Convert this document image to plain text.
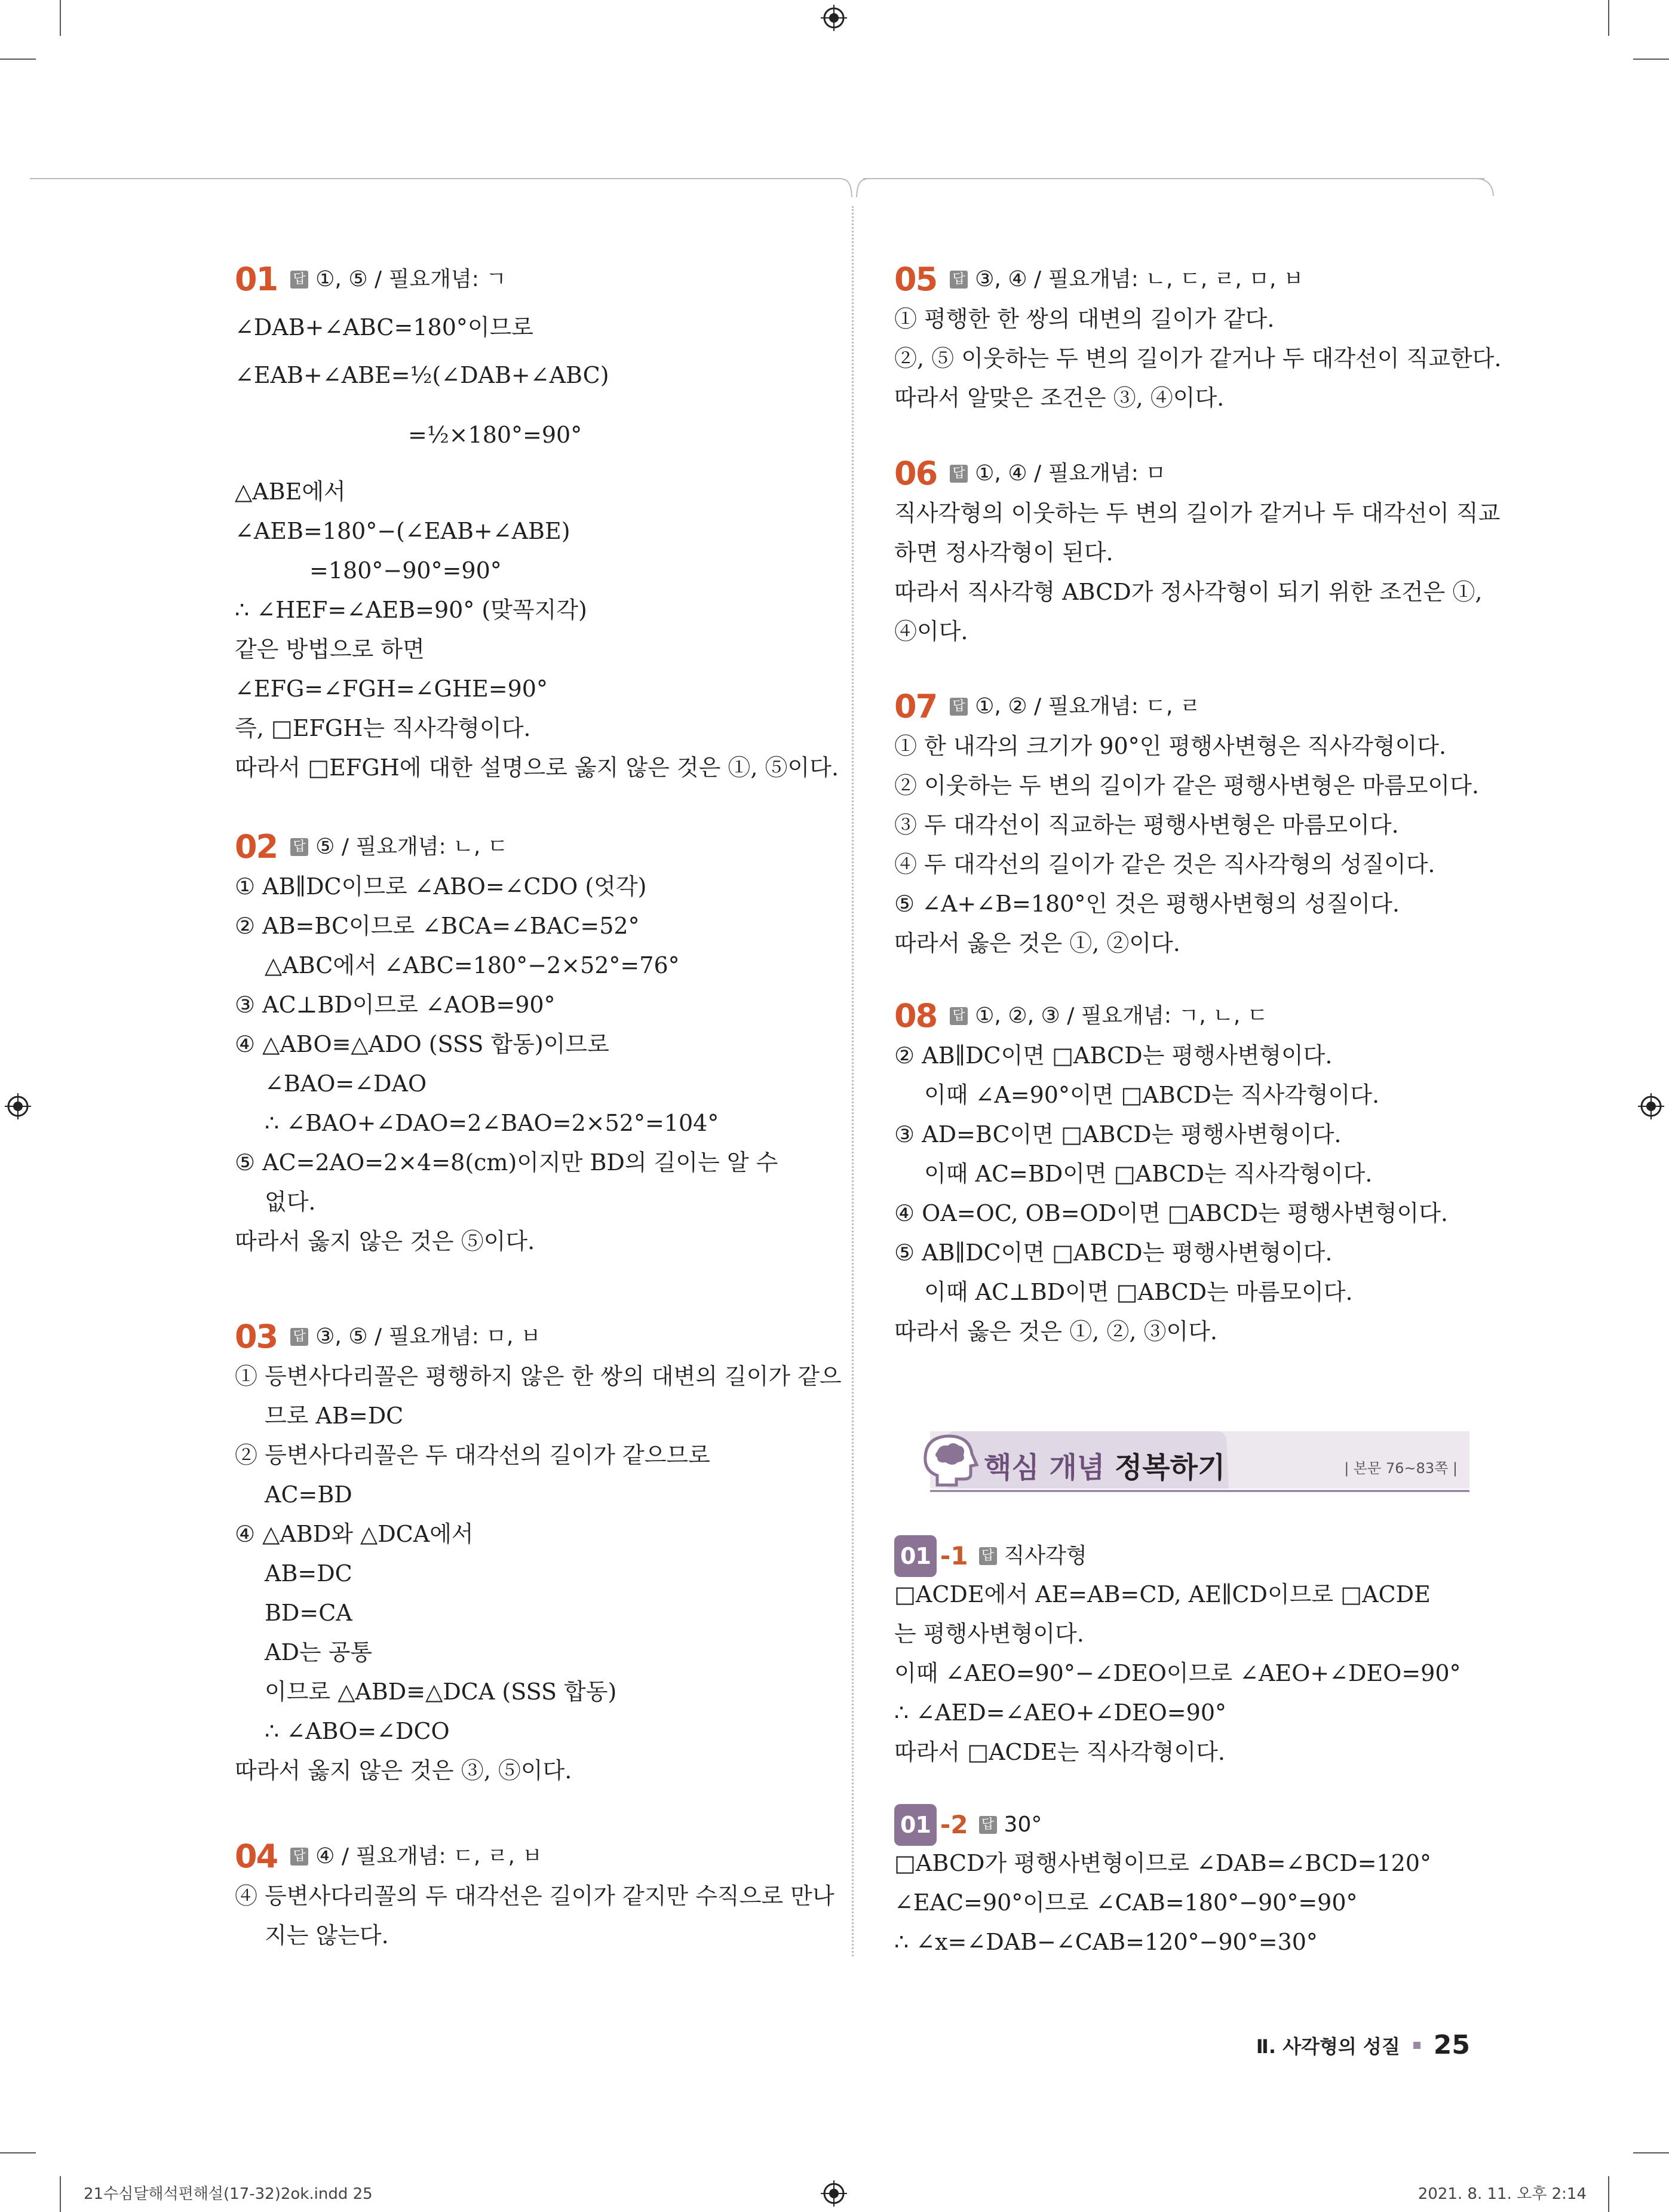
01 답 ①, ⑤ / 필요개념: ㄱ
∠DAB+∠ABC=180°이므로
∠EAB+∠ABE=½(∠DAB+∠ABC)
=½×180°=90°
△ABE에서
∠AEB=180°−(∠EAB+∠ABE)
=180°−90°=90°
∴ ∠HEF=∠AEB=90° (맞꼭지각)
같은 방법으로 하면
∠EFG=∠FGH=∠GHE=90°
즉, □EFGH는 직사각형이다.
따라서 □EFGH에 대한 설명으로 옳지 않은 것은 ①, ⑤이다.
02 답 ⑤ / 필요개념: ㄴ, ㄷ
① AB∥DC이므로 ∠ABO=∠CDO (엇각)
② AB=BC이므로 ∠BCA=∠BAC=52°
△ABC에서 ∠ABC=180°−2×52°=76°
③ AC⊥BD이므로 ∠AOB=90°
④ △ABO≡△ADO (SSS 합동)이므로
∠BAO=∠DAO
∴ ∠BAO+∠DAO=2∠BAO=2×52°=104°
⑤ AC=2AO=2×4=8(cm)이지만 BD의 길이는 알 수
없다.
따라서 옳지 않은 것은 ⑤이다.
03 답 ③, ⑤ / 필요개념: ㅁ, ㅂ
① 등변사다리꼴은 평행하지 않은 한 쌍의 대변의 길이가 같으
므로 AB=DC
② 등변사다리꼴은 두 대각선의 길이가 같으므로
AC=BD
④ △ABD와 △DCA에서
AB=DC
BD=CA
AD는 공통
이므로 △ABD≡△DCA (SSS 합동)
∴ ∠ABO=∠DCO
따라서 옳지 않은 것은 ③, ⑤이다.
04 답 ④ / 필요개념: ㄷ, ㄹ, ㅂ
④ 등변사다리꼴의 두 대각선은 길이가 같지만 수직으로 만나
지는 않는다.
05 답 ③, ④ / 필요개념: ㄴ, ㄷ, ㄹ, ㅁ, ㅂ
① 평행한 한 쌍의 대변의 길이가 같다.
②, ⑤ 이웃하는 두 변의 길이가 같거나 두 대각선이 직교한다.
따라서 알맞은 조건은 ③, ④이다.
06 답 ①, ④ / 필요개념: ㅁ
직사각형의 이웃하는 두 변의 길이가 같거나 두 대각선이 직교
하면 정사각형이 된다.
따라서 직사각형 ABCD가 정사각형이 되기 위한 조건은 ①,
④이다.
07 답 ①, ② / 필요개념: ㄷ, ㄹ
① 한 내각의 크기가 90°인 평행사변형은 직사각형이다.
② 이웃하는 두 변의 길이가 같은 평행사변형은 마름모이다.
③ 두 대각선이 직교하는 평행사변형은 마름모이다.
④ 두 대각선의 길이가 같은 것은 직사각형의 성질이다.
⑤ ∠A+∠B=180°인 것은 평행사변형의 성질이다.
따라서 옳은 것은 ①, ②이다.
08 답 ①, ②, ③ / 필요개념: ㄱ, ㄴ, ㄷ
② AB∥DC이면 □ABCD는 평행사변형이다.
이때 ∠A=90°이면 □ABCD는 직사각형이다.
③ AD=BC이면 □ABCD는 평행사변형이다.
이때 AC=BD이면 □ABCD는 직사각형이다.
④ OA=OC, OB=OD이면 □ABCD는 평행사변형이다.
⑤ AB∥DC이면 □ABCD는 평행사변형이다.
이때 AC⊥BD이면 □ABCD는 마름모이다.
따라서 옳은 것은 ①, ②, ③이다.
핵심 개념 정복하기	| 본문 76~83쪽 |
01 -1 답 직사각형
□ACDE에서 AE=AB=CD, AE∥CD이므로 □ACDE
는 평행사변형이다.
이때 ∠AEO=90°−∠DEO이므로 ∠AEO+∠DEO=90°
∴ ∠AED=∠AEO+∠DEO=90°
따라서 □ACDE는 직사각형이다.
01 -2 답 30°
□ABCD가 평행사변형이므로 ∠DAB=∠BCD=120°
∠EAC=90°이므로 ∠CAB=180°−90°=90°
∴ ∠x=∠DAB−∠CAB=120°−90°=30°
Ⅱ. 사각형의 성질 25
21수심달해석편해설(17-32)2ok.indd 25	2021. 8. 11. 오후 2:14
